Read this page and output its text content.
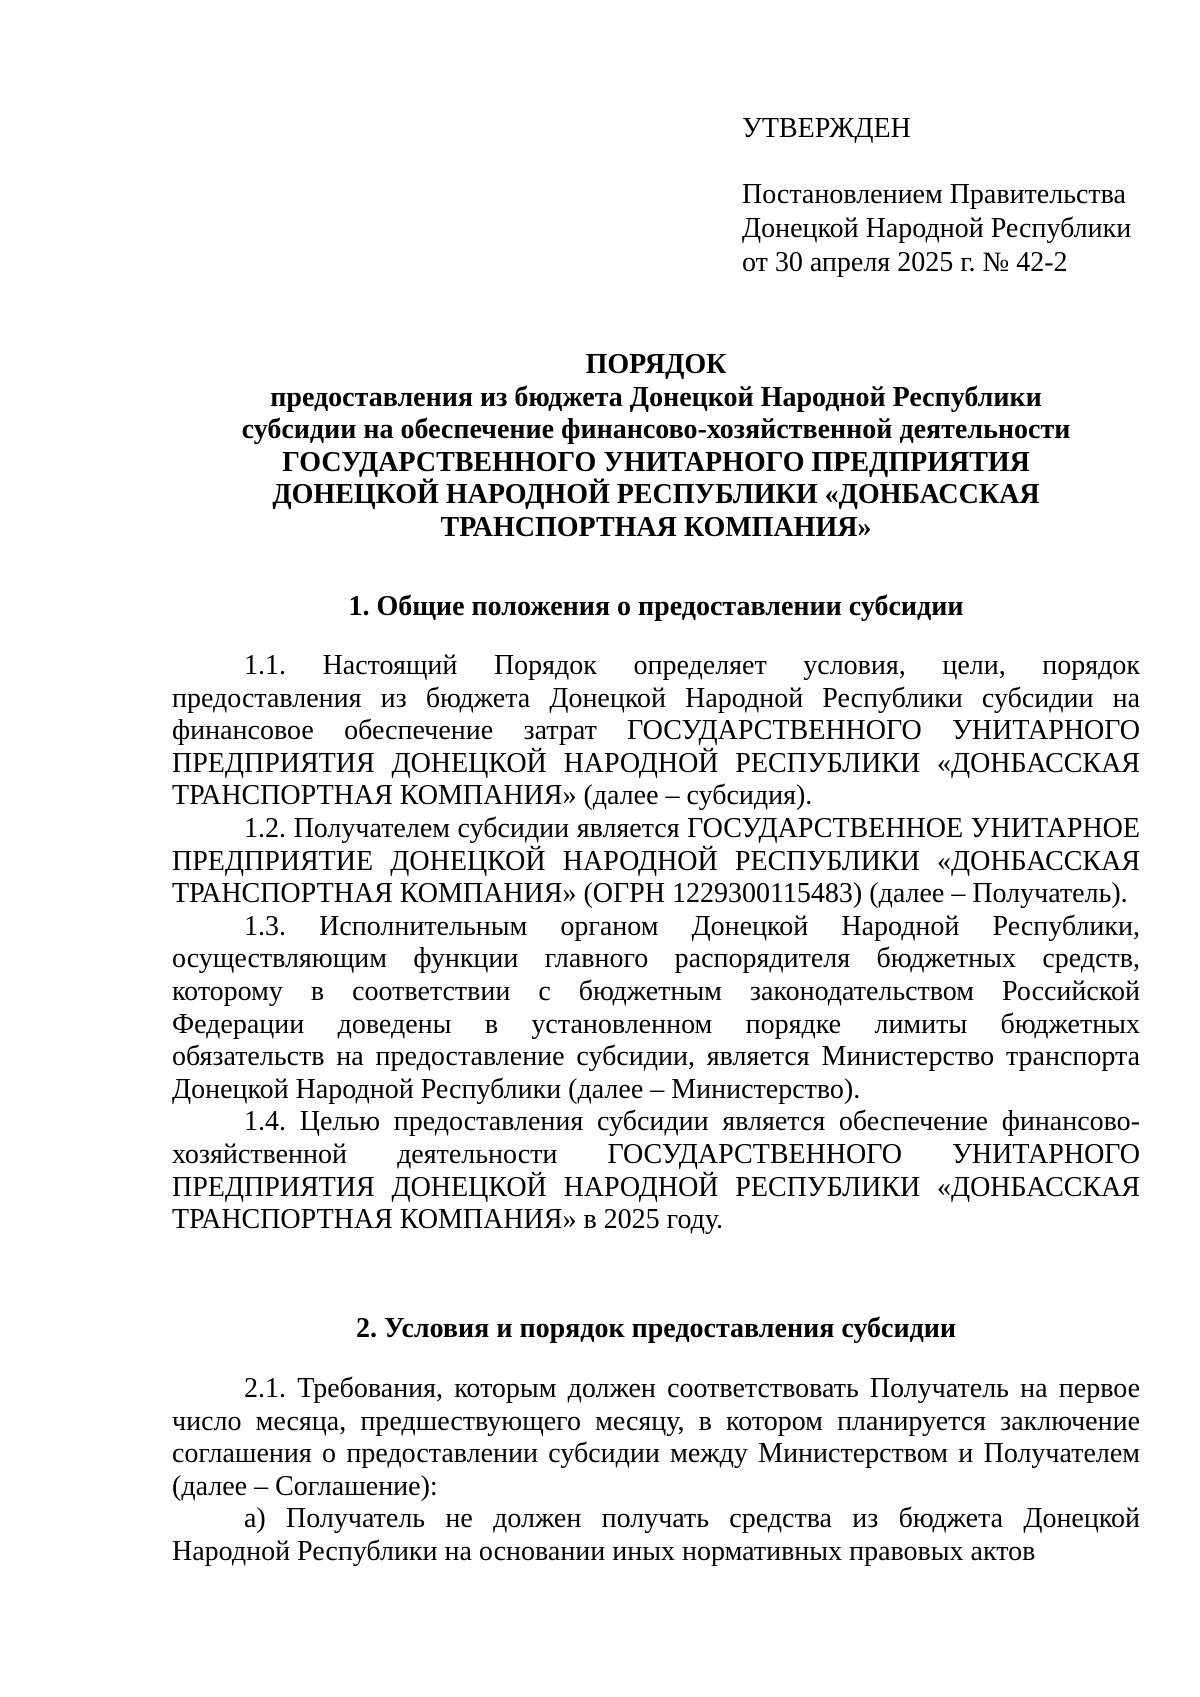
УТВЕРЖДЕН
Постановлением Правительства
Донецкой Народной Республики
от 30 апреля 2025 г. № 42-2
ПОРЯДОК
предоставления из бюджета Донецкой Народной Республики
субсидии на обеспечение финансово-хозяйственной деятельности
ГОСУДАРСТВЕННОГО УНИТАРНОГО ПРЕДПРИЯТИЯ
ДОНЕЦКОЙ НАРОДНОЙ РЕСПУБЛИКИ «ДОНБАССКАЯ
ТРАНСПОРТНАЯ КОМПАНИЯ»
1. Общие положения о предоставлении субсидии

1.1. Настоящий Порядок определяет условия, цели, порядок предоставления из бюджета Донецкой Народной Республики субсидии на финансовое обеспечение затрат ГОСУДАРСТВЕННОГО УНИТАРНОГО ПРЕДПРИЯТИЯ ДОНЕЦКОЙ НАРОДНОЙ РЕСПУБЛИКИ «ДОНБАССКАЯ ТРАНСПОРТНАЯ КОМПАНИЯ» (далее – субсидия).

1.2. Получателем субсидии является ГОСУДАРСТВЕННОЕ УНИТАРНОЕ ПРЕДПРИЯТИЕ ДОНЕЦКОЙ НАРОДНОЙ РЕСПУБЛИКИ «ДОНБАССКАЯ ТРАНСПОРТНАЯ КОМПАНИЯ» (ОГРН 1229300115483) (далее – Получатель).

1.3. Исполнительным органом Донецкой Народной Республики, осуществляющим функции главного распорядителя бюджетных средств, которому в соответствии с бюджетным законодательством Российской Федерации доведены в установленном порядке лимиты бюджетных обязательств на предоставление субсидии, является Министерство транспорта Донецкой Народной Республики (далее – Министерство).

1.4. Целью предоставления субсидии является обеспечение финансово-хозяйственной деятельности ГОСУДАРСТВЕННОГО УНИТАРНОГО ПРЕДПРИЯТИЯ ДОНЕЦКОЙ НАРОДНОЙ РЕСПУБЛИКИ «ДОНБАССКАЯ ТРАНСПОРТНАЯ КОМПАНИЯ» в 2025 году.

2. Условия и порядок предоставления субсидии

2.1. Требования, которым должен соответствовать Получатель на первое число месяца, предшествующего месяцу, в котором планируется заключение соглашения о предоставлении субсидии между Министерством и Получателем (далее – Соглашение):

а) Получатель не должен получать средства из бюджета Донецкой Народной Республики на основании иных нормативных правовых актов
